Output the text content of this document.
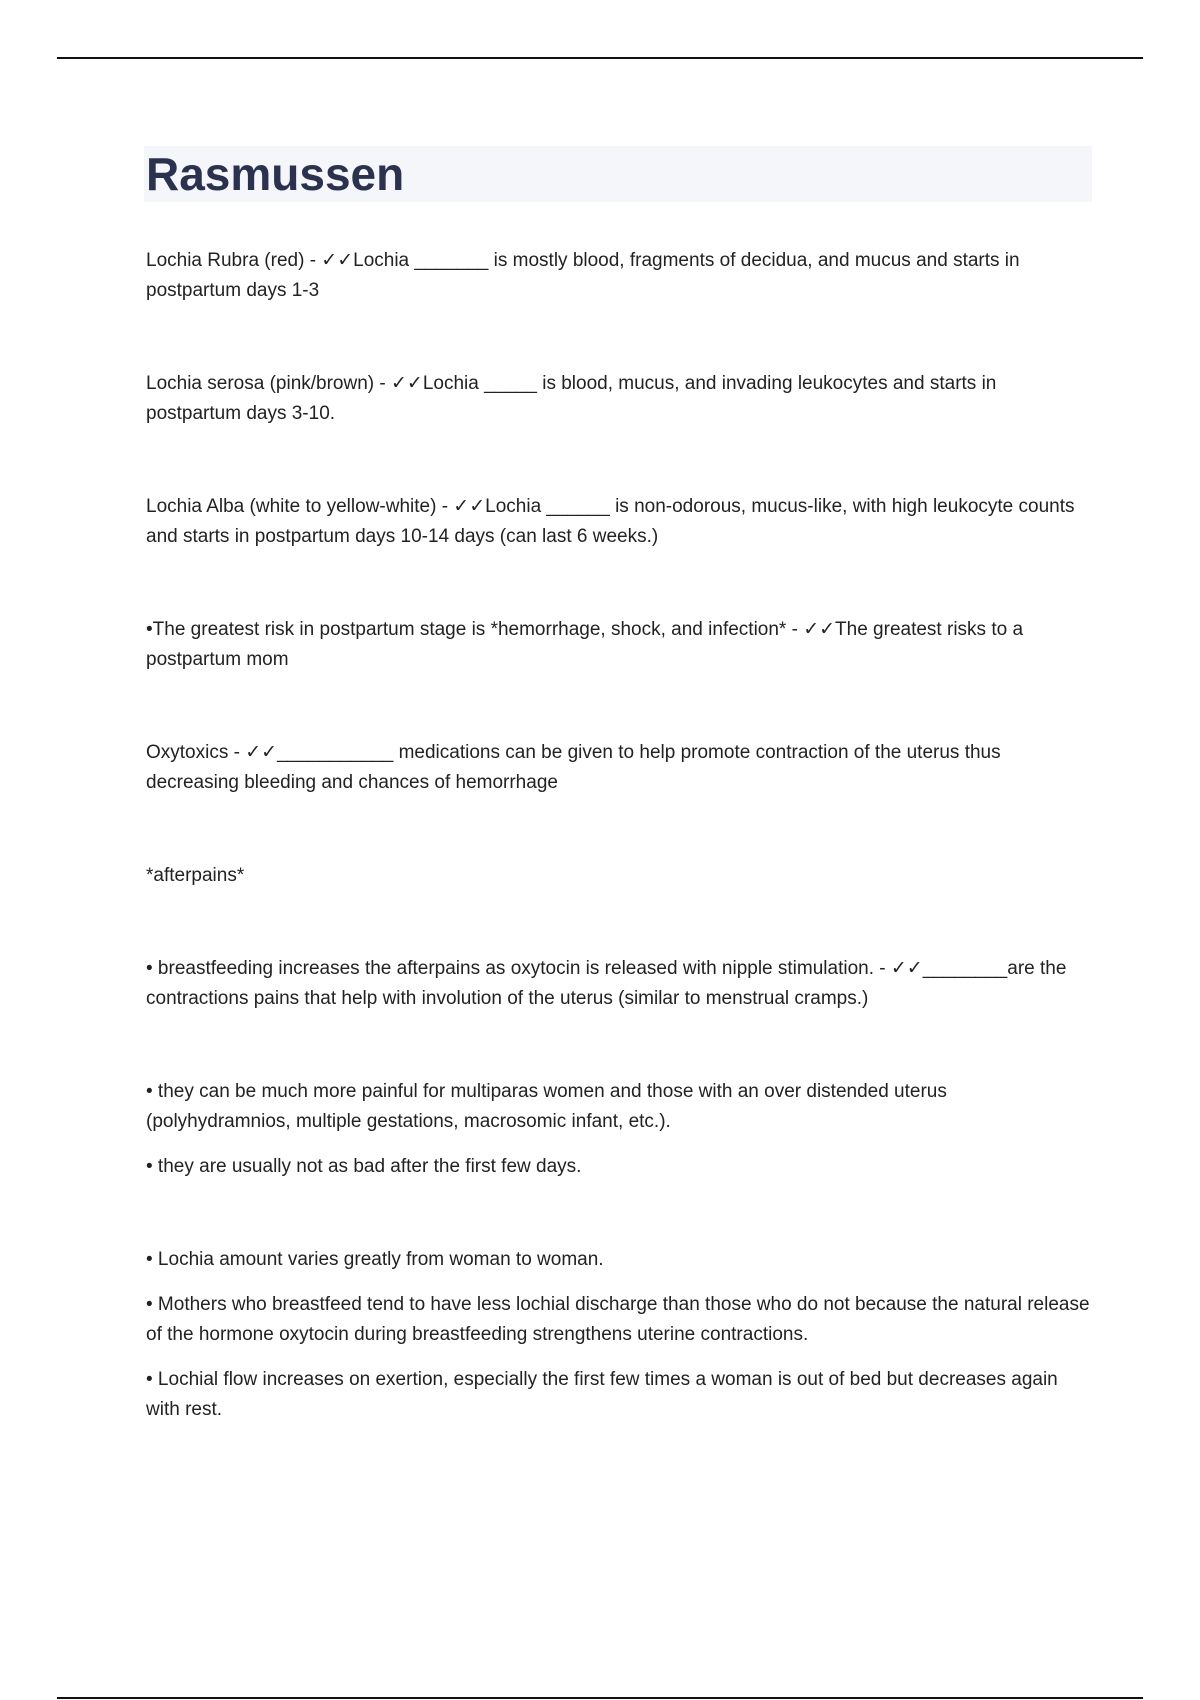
Rasmussen

Lochia Rubra (red) - ✓✓Lochia _______ is mostly blood, fragments of decidua, and mucus and starts in postpartum days 1-3

Lochia serosa (pink/brown) - ✓✓Lochia _____ is blood, mucus, and invading leukocytes and starts in postpartum days 3-10.

Lochia Alba (white to yellow-white) - ✓✓Lochia ______ is non-odorous, mucus-like, with high leukocyte counts and starts in postpartum days 10-14 days (can last 6 weeks.)

•The greatest risk in postpartum stage is *hemorrhage, shock, and infection* - ✓✓The greatest risks to a postpartum mom

Oxytoxics - ✓✓___________ medications can be given to help promote contraction of the uterus thus decreasing bleeding and chances of hemorrhage

*afterpains*

• breastfeeding increases the afterpains as oxytocin is released with nipple stimulation. - ✓✓________are the contractions pains that help with involution of the uterus (similar to menstrual cramps.)

• they can be much more painful for multiparas women and those with an over distended uterus (polyhydramnios, multiple gestations, macrosomic infant, etc.).

• they are usually not as bad after the first few days.

• Lochia amount varies greatly from woman to woman.

• Mothers who breastfeed tend to have less lochial discharge than those who do not because the natural release of the hormone oxytocin during breastfeeding strengthens uterine contractions.

• Lochial flow increases on exertion, especially the first few times a woman is out of bed but decreases again with rest.
